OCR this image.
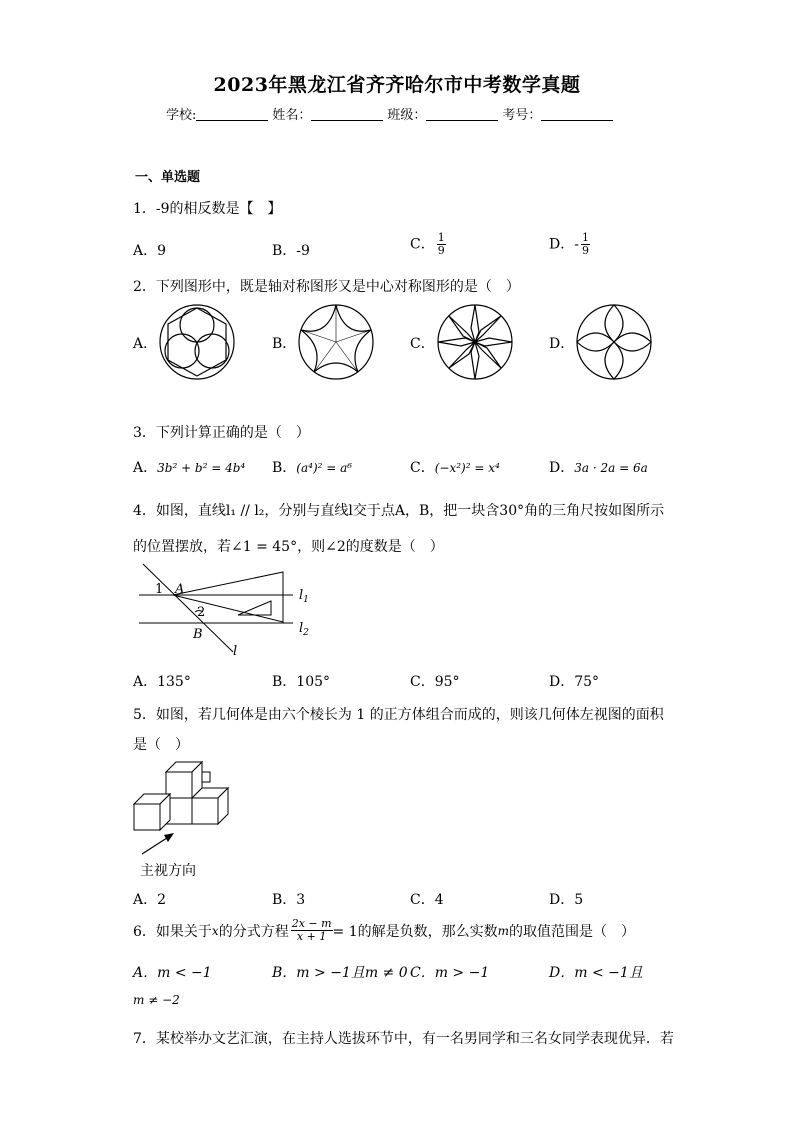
2023年黑龙江省齐齐哈尔市中考数学真题
学校:	姓名：	班级：	考号：
一、单选题
1．-9的相反数是【　】
A．9	B．-9	C． $\frac{1}{9}$	D．- $\frac{1}{9}$
2．下列图形中，既是轴对称图形又是中心对称图形的是（　）
A．	B．	C．	D．
3．下列计算正确的是（　）
A．3b² + b² = 4b⁴ B．(a⁴)² = a⁶	C．(−x²)² = x⁴	D．3a · 2a = 6a
4．如图，直线l₁ // l₂，分别与直线l交于点A，B，把一块含30°角的三角尺按如图所示
的位置摆放，若∠1 = 45°，则∠2的度数是（　）
1 A
2
B
$l_1$
$l_2$
l
A．135°	B．105°	C．95°	D．75°
5．如图，若几何体是由六个棱长为 1 的正方体组合而成的，则该几何体左视图的面积
是（　）
主视方向
A．2	B．3	C．4	D．5
6．如果关于 x 的分式方程 $\frac{2x - m}{x + 1} = 1$的解是负数，那么实数 m 的取值范围是（　）
A．m < −1	B．m > −1且m ≠ 0 C．m > −1	D．m < −1且
m ≠ −2
7．某校举办文艺汇演，在主持人选拔环节中，有一名男同学和三名女同学表现优异．若
